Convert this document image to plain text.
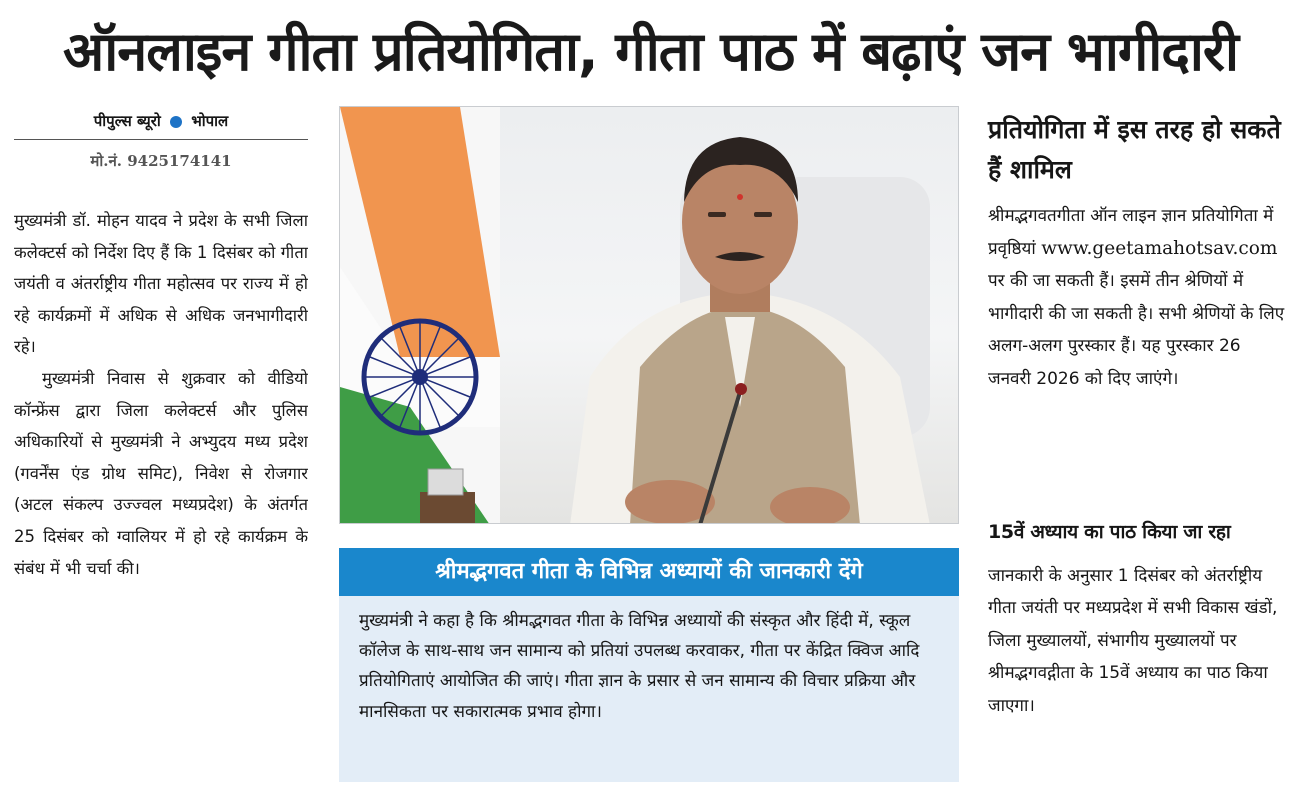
ऑनलाइन गीता प्रतियोगिता, गीता पाठ में बढ़ाएं जन भागीदारी
पीपुल्स ब्यूरो भोपाल
मो.नं. 9425174141

मुख्यमंत्री डॉ. मोहन यादव ने प्रदेश के सभी जिला कलेक्टर्स को निर्देश दिए हैं कि 1 दिसंबर को गीता जयंती व अंतर्राष्ट्रीय गीता महोत्सव पर राज्य में हो रहे कार्यक्रमों में अधिक से अधिक जनभागीदारी रहे।

मुख्यमंत्री निवास से शुक्रवार को वीडियो कॉन्फ्रेंस द्वारा जिला कलेक्टर्स और पुलिस अधिकारियों से मुख्यमंत्री ने अभ्युदय मध्य प्रदेश (गवर्नेंस एंड ग्रोथ समिट), निवेश से रोजगार (अटल संकल्प उज्ज्वल मध्यप्रदेश) के अंतर्गत 25 दिसंबर को ग्वालियर में हो रहे कार्यक्रम के संबंध में भी चर्चा की।	श्रीमद्भगवत गीता के विभिन्न अध्यायों की जानकारी देंगे
मुख्यमंत्री ने कहा है कि श्रीमद्भगवत गीता के विभिन्न अध्यायों की संस्कृत और हिंदी में, स्कूल कॉलेज के साथ-साथ जन सामान्य को प्रतियां उपलब्ध करवाकर, गीता पर केंद्रित क्विज आदि प्रतियोगिताएं आयोजित की जाएं। गीता ज्ञान के प्रसार से जन सामान्य की विचार प्रक्रिया और मानसिकता पर सकारात्मक प्रभाव होगा।
प्रतियोगिता में इस तरह हो सकते हैं शामिल
श्रीमद्भगवतगीता ऑन लाइन ज्ञान प्रतियोगिता में प्रवृष्ठियां www.geetamahotsav.com पर की जा सकती हैं। इसमें तीन श्रेणियों में भागीदारी की जा सकती है। सभी श्रेणियों के लिए अलग-अलग पुरस्कार हैं। यह पुरस्कार 26 जनवरी 2026 को दिए जाएंगे।
15वें अध्याय का पाठ किया जा रहा
जानकारी के अनुसार 1 दिसंबर को अंतर्राष्ट्रीय गीता जयंती पर मध्यप्रदेश में सभी विकास खंडों, जिला मुख्यालयों, संभागीय मुख्यालयों पर श्रीमद्भगवद्गीता के 15वें अध्याय का पाठ किया जाएगा।
